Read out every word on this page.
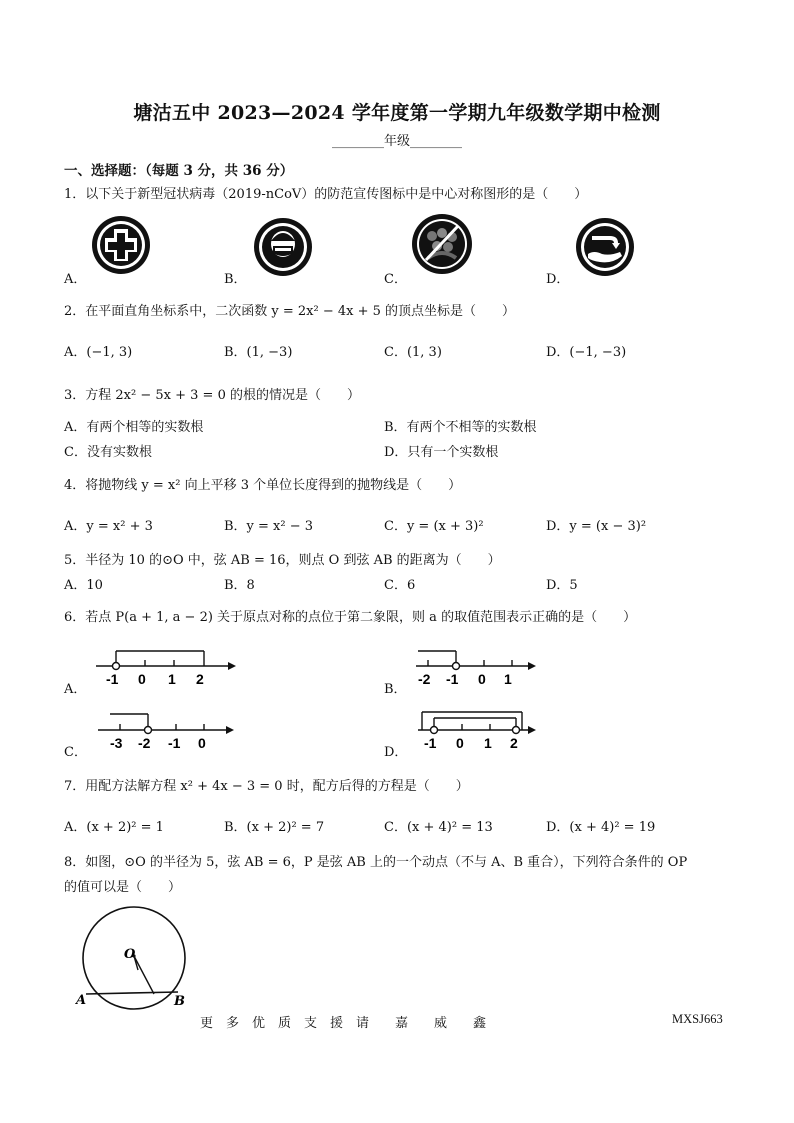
塘沽五中 2023—2024 学年度第一学期九年级数学期中检测
________年级________
一、选择题：（每题 3 分，共 36 分）
1．以下关于新型冠状病毒（2019-nCoV）的防范宣传图标中是中心对称图形的是（　　）
A．	B．	C．	D．
2．在平面直角坐标系中，二次函数 y = 2x² − 4x + 5 的顶点坐标是（　　）
A．(−1, 3)	B．(1, −3)	C．(1, 3)	D．(−1, −3)
3．方程 2x² − 5x + 3 = 0 的根的情况是（　　）
A．有两个相等的实数根	B．有两个不相等的实数根
C．没有实数根	D．只有一个实数根
4．将抛物线 y = x² 向上平移 3 个单位长度得到的抛物线是（　　）
A．y = x² + 3	B．y = x² − 3	C．y = (x + 3)²	D．y = (x − 3)²
5．半径为 10 的⊙O 中，弦 AB = 16，则点 O 到弦 AB 的距离为（　　）
A．10	B．8	C．6	D．5
6．若点 P(a + 1, a − 2) 关于原点对称的点位于第二象限，则 a 的取值范围表示正确的是（　　）
A．
-1 0 1 2
B．
-2 -1 0 1
C．
-3 -2 -1 0
D．
-1 0 1 2
7．用配方法解方程 x² + 4x − 3 = 0 时，配方后得的方程是（　　）
A．(x + 2)² = 1	B．(x + 2)² = 7	C．(x + 4)² = 13	D．(x + 4)² = 19
8．如图，⊙O 的半径为 5，弦 AB = 6，P 是弦 AB 上的一个动点（不与 A、B 重合），下列符合条件的 OP
的值可以是（　　）
O
A	B
更　多　优　质　支　援　请　　嘉　　威　　鑫	MXSJ663
